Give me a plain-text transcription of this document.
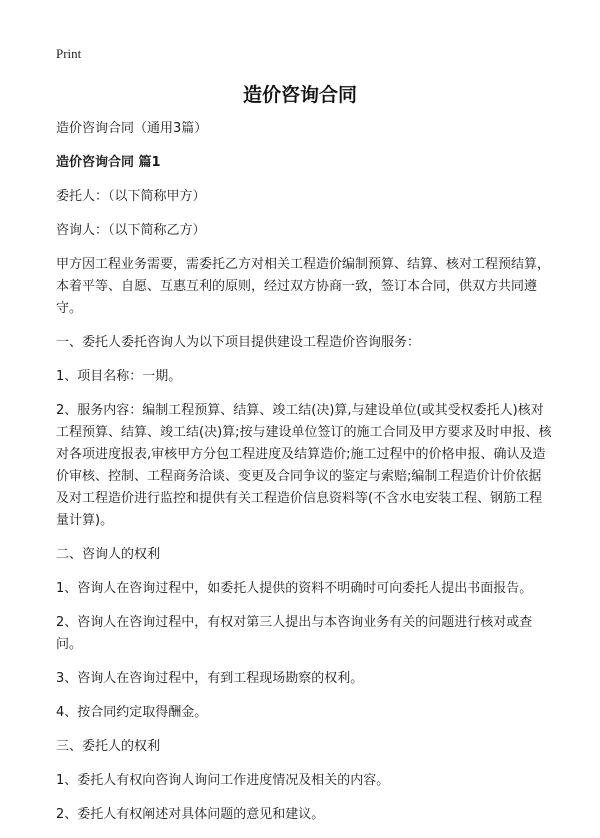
Print
造价咨询合同

造价咨询合同（通用3篇）

造价咨询合同 篇1

委托人：（以下简称甲方）

咨询人：（以下简称乙方）

甲方因工程业务需要，需委托乙方对相关工程造价编制预算、结算、核对工程预结算，本着平等、自愿、互惠互利的原则，经过双方协商一致，签订本合同，供双方共同遵守。

一、委托人委托咨询人为以下项目提供建设工程造价咨询服务：

1、项目名称：一期。

2、服务内容：编制工程预算、结算、竣工结(决)算,与建设单位(或其受权委托人)核对工程预算、结算、竣工结(决)算;按与建设单位签订的施工合同及甲方要求及时申报、核对各项进度报表,审核甲方分包工程进度及结算造价;施工过程中的价格申报、确认及造价审核、控制、工程商务洽谈、变更及合同争议的鉴定与索赔;编制工程造价计价依据及对工程造价进行监控和提供有关工程造价信息资料等(不含水电安装工程、钢筋工程量计算)。

二、咨询人的权利

1、咨询人在咨询过程中，如委托人提供的资料不明确时可向委托人提出书面报告。

2、咨询人在咨询过程中，有权对第三人提出与本咨询业务有关的问题进行核对或查问。

3、咨询人在咨询过程中，有到工程现场勘察的权利。

4、按合同约定取得酬金。

三、委托人的权利

1、委托人有权向咨询人询问工作进度情况及相关的内容。

2、委托人有权阐述对具体问题的意见和建议。
